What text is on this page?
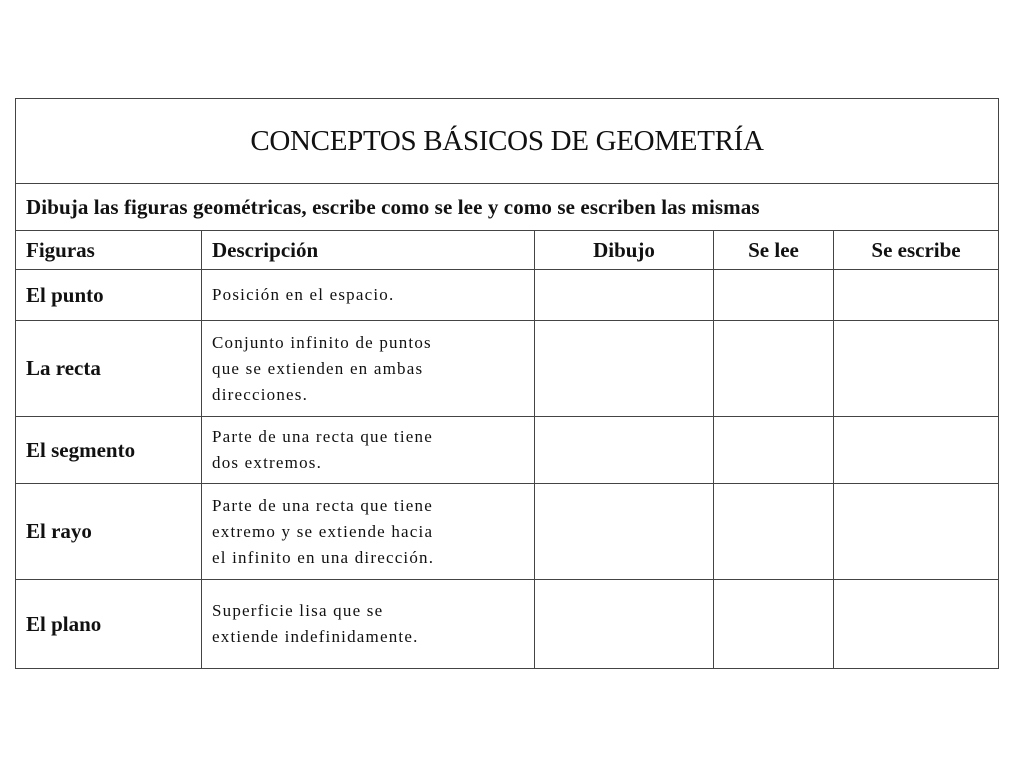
CONCEPTOS BÁSICOS DE GEOMETRÍA				
Dibuja las figuras geométricas, escribe como se lee y como se escriben las mismas				
Figuras	Descripción	Dibujo	Se lee	Se escribe
El punto	Posición en el espacio.			

La recta	Conjunto infinito de puntos
que se extienden en ambas
direcciones.			

El segmento	Parte de una recta que tiene
dos extremos.			

El rayo	Parte de una recta que tiene
extremo y se extiende hacia
el infinito en una dirección.			

El plano	Superficie lisa que se
extiende indefinidamente.			
